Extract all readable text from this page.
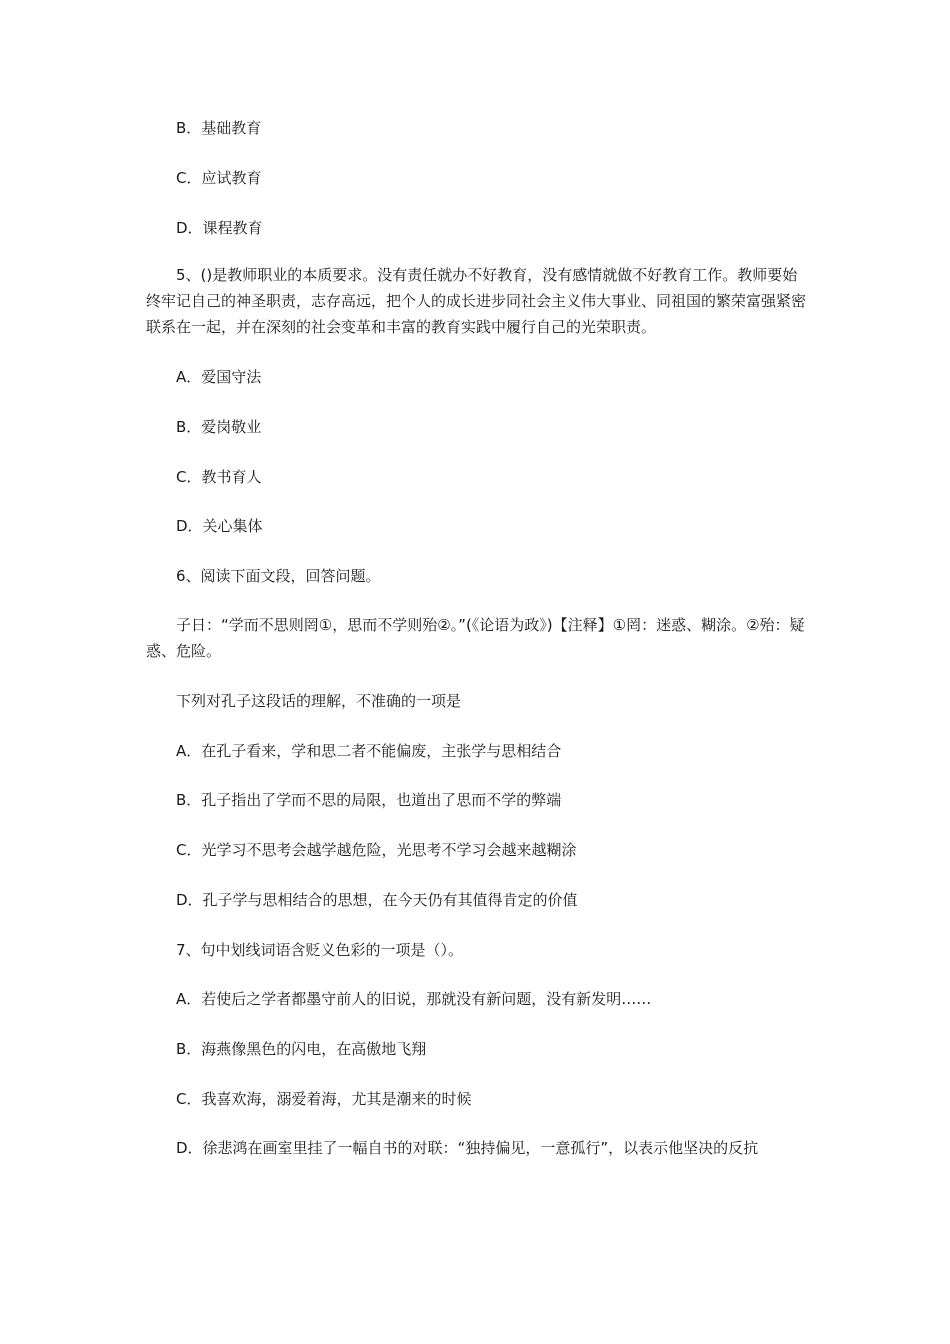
B．基础教育
C．应试教育
D．课程教育
5、()是教师职业的本质要求。没有责任就办不好教育，没有感情就做不好教育工作。教师要始终牢记自己的神圣职责，志存高远，把个人的成长进步同社会主义伟大事业、同祖国的繁荣富强紧密联系在一起，并在深刻的社会变革和丰富的教育实践中履行自己的光荣职责。
A．爱国守法
B．爱岗敬业
C．教书育人
D．关心集体
6、阅读下面文段，回答问题。
子日：“学而不思则罔①，思而不学则殆②。”(《论语为政》)【注释】①罔：迷惑、糊涂。②殆：疑惑、危险。
下列对孔子这段话的理解，不准确的一项是
A．在孔子看来，学和思二者不能偏废，主张学与思相结合
B．孔子指出了学而不思的局限，也道出了思而不学的弊端
C．光学习不思考会越学越危险，光思考不学习会越来越糊涂
D．孔子学与思相结合的思想，在今天仍有其值得肯定的价值
7、句中划线词语含贬义色彩的一项是（）。
A．若使后之学者都墨守前人的旧说，那就没有新问题，没有新发明……
B．海燕像黑色的闪电，在高傲地飞翔
C．我喜欢海，溺爱着海，尤其是潮来的时候
D．徐悲鸿在画室里挂了一幅自书的对联：“独持偏见，一意孤行”，以表示他坚决的反抗
